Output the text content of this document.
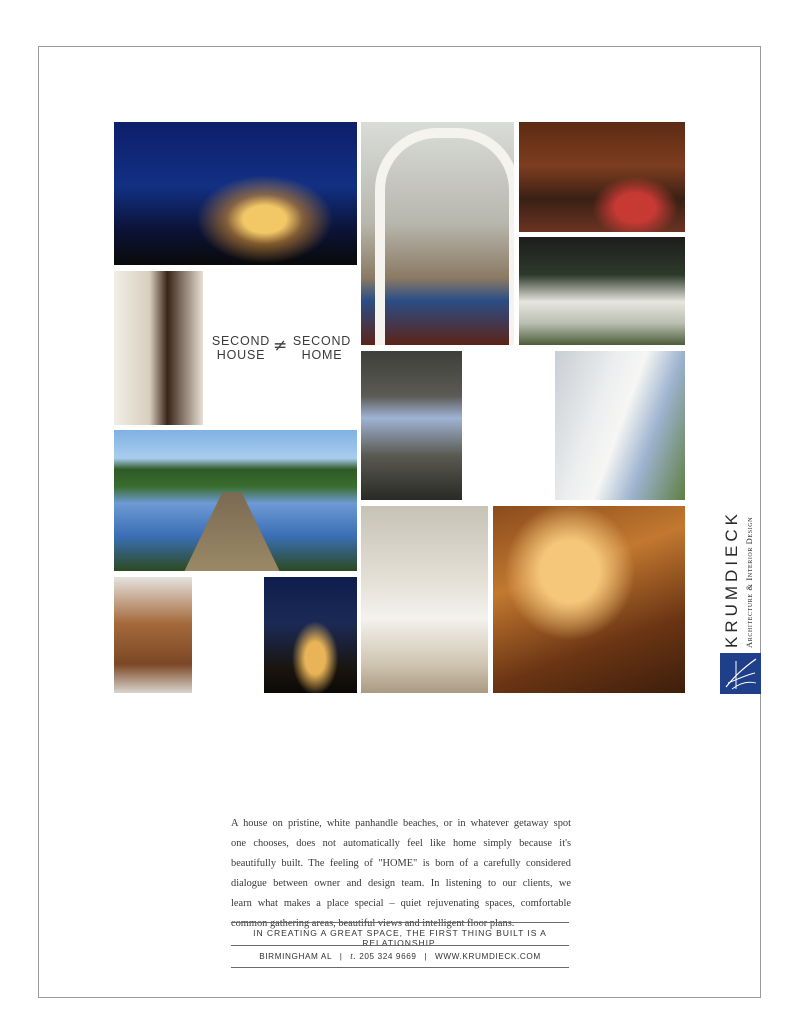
SECOND
HOUSE ≠ SECOND
HOME
KRUMDIECK Architecture & Interior Design

A house on pristine, white panhandle beaches, or in whatever getaway spot
one chooses, does not automatically feel like home simply because it's
beautifully built. The feeling of "HOME" is born of a carefully considered
dialogue between owner and design team. In listening to our clients, we
learn what makes a place special – quiet rejuvenating spaces, comfortable
common gathering areas, beautiful views and intelligent floor plans.

IN CREATING A GREAT SPACE, THE FIRST THING BUILT IS A RELATIONSHIP.
BIRMINGHAM AL | t. 205 324 9669 | WWW.KRUMDIECK.COM
